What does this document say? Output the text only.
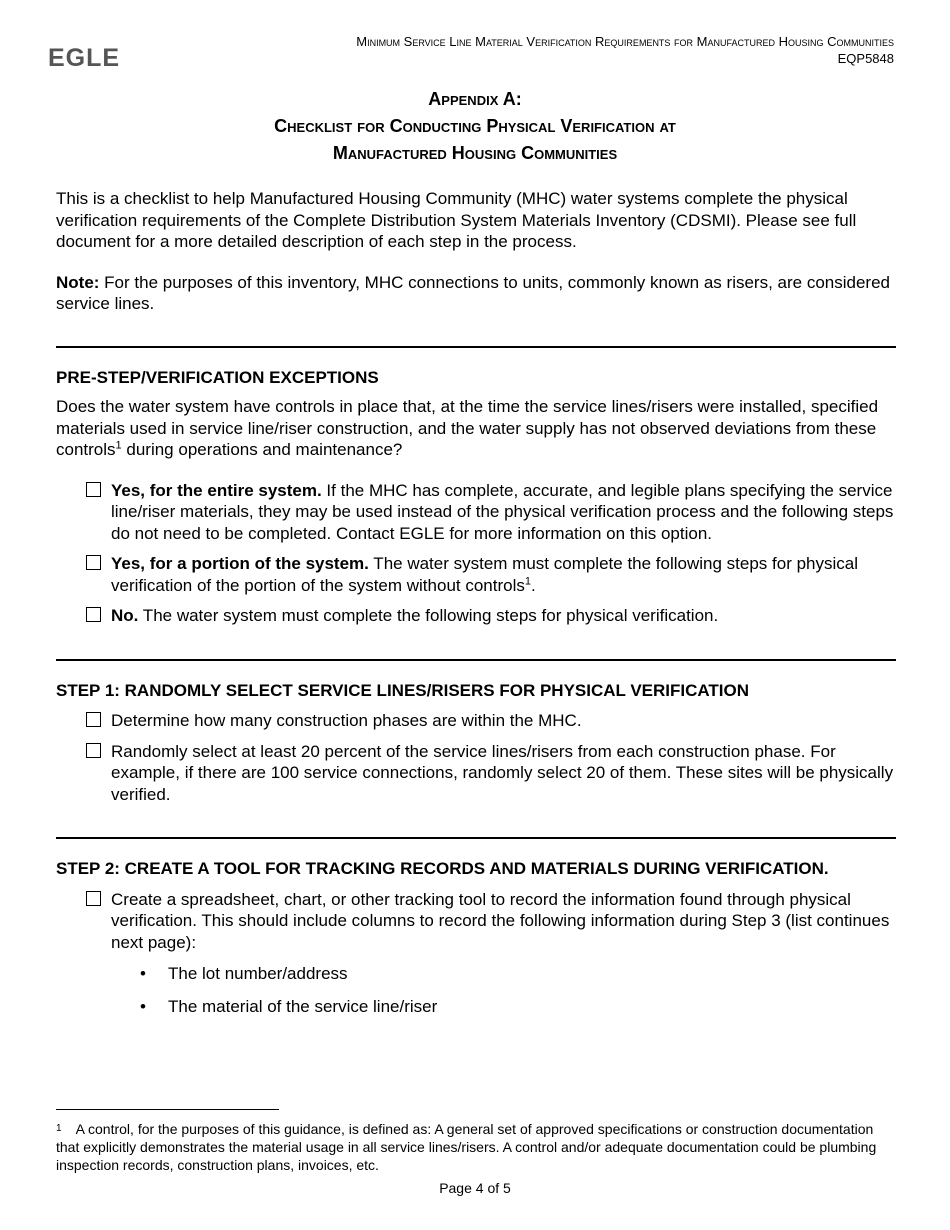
EGLE
Minimum Service Line Material Verification Requirements for Manufactured Housing Communities
EQP5848
Appendix A:
Checklist for Conducting Physical Verification at
Manufactured Housing Communities

This is a checklist to help Manufactured Housing Community (MHC) water systems complete the physical verification requirements of the Complete Distribution System Materials Inventory (CDSMI). Please see full document for a more detailed description of each step in the process.

Note: For the purposes of this inventory, MHC connections to units, commonly known as risers, are considered service lines.

PRE-STEP/VERIFICATION EXCEPTIONS

Does the water system have controls in place that, at the time the service lines/risers were installed, specified materials used in service line/riser construction, and the water supply has not observed deviations from these controls$^1$ during operations and maintenance?

Yes, for the entire system. If the MHC has complete, accurate, and legible plans specifying the service line/riser materials, they may be used instead of the physical verification process and the following steps do not need to be completed. Contact EGLE for more information on this option.
Yes, for a portion of the system. The water system must complete the following steps for physical verification of the portion of the system without controls$^1$.
No. The water system must complete the following steps for physical verification.

STEP 1: RANDOMLY SELECT SERVICE LINES/RISERS FOR PHYSICAL VERIFICATION

Determine how many construction phases are within the MHC.
Randomly select at least 20 percent of the service lines/risers from each construction phase. For example, if there are 100 service connections, randomly select 20 of them. These sites will be physically verified.

STEP 2: CREATE A TOOL FOR TRACKING RECORDS AND MATERIALS DURING VERIFICATION.

Create a spreadsheet, chart, or other tracking tool to record the information found through physical verification. This should include columns to record the following information during Step 3 (list continues next page):
• The lot number/address
• The material of the service line/riser
$^1$ A control, for the purposes of this guidance, is defined as: A general set of approved specifications or construction documentation that explicitly demonstrates the material usage in all service lines/risers. A control and/or adequate documentation could be plumbing inspection records, construction plans, invoices, etc.
Page 4 of 5
